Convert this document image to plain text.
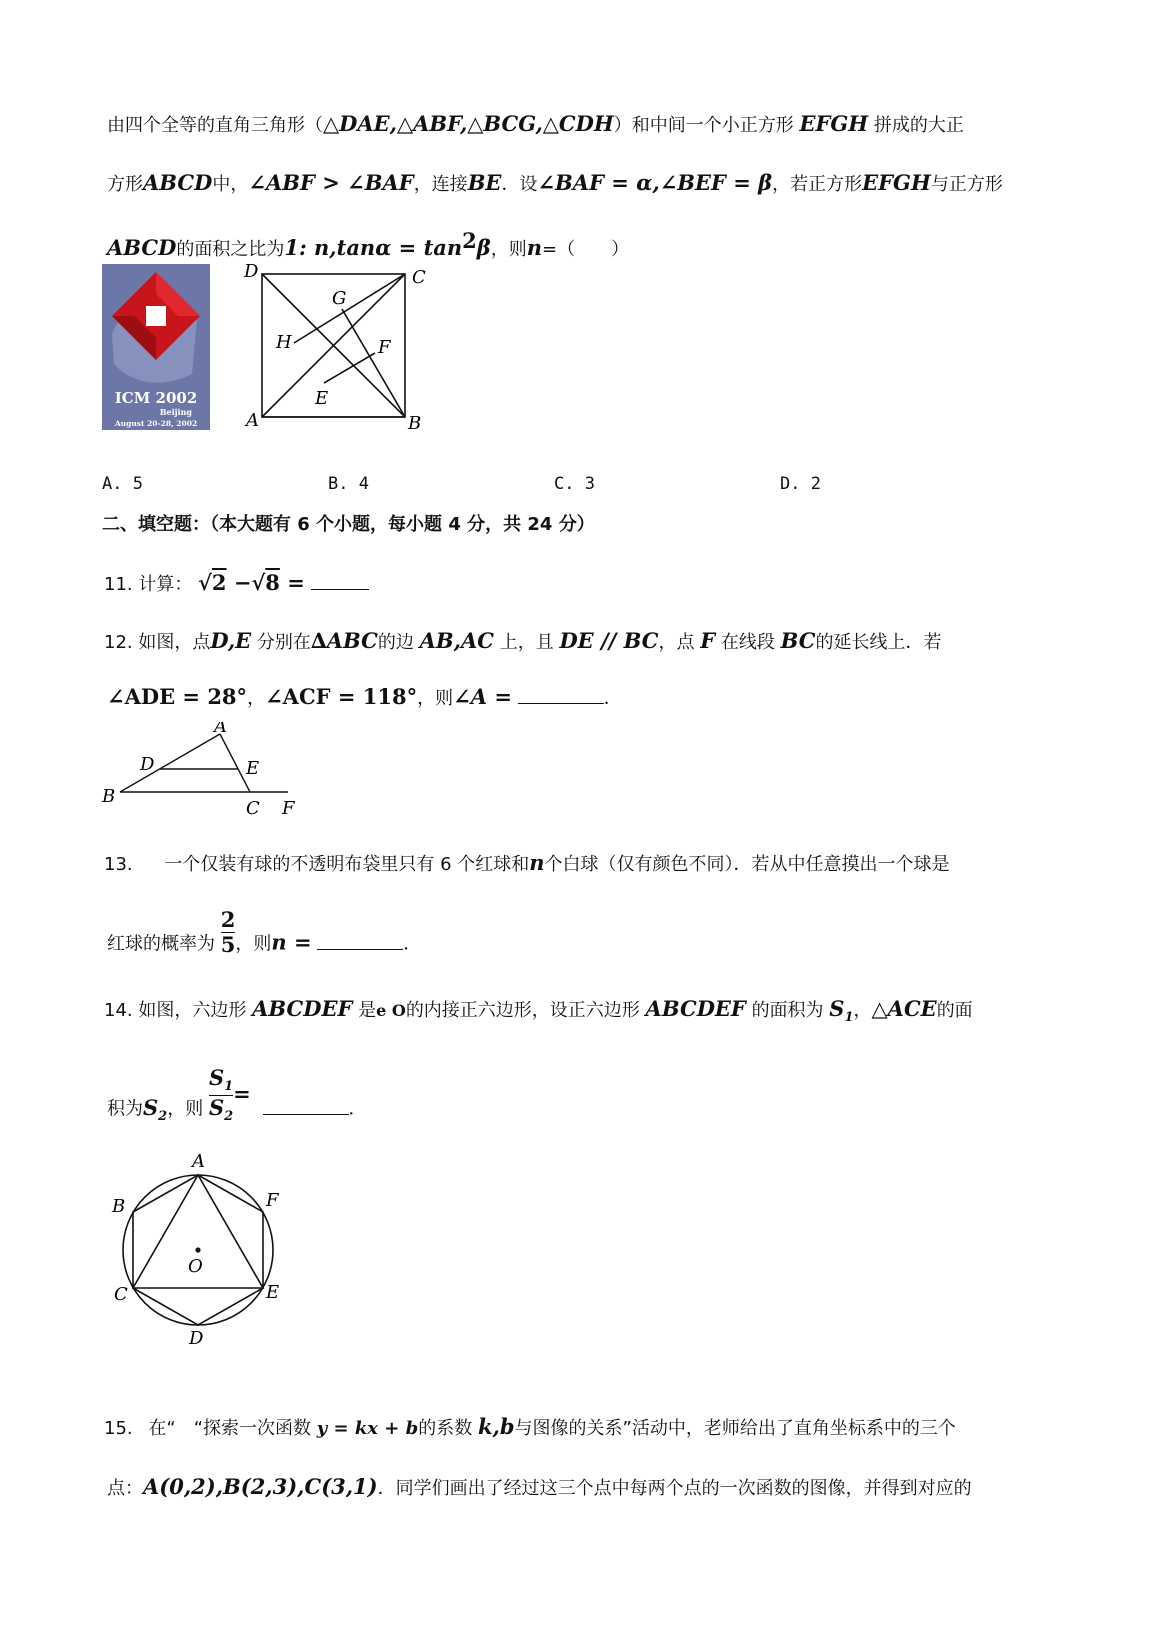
由四个全等的直角三角形（△DAE,△ABF,△BCG,△CDH）和中间一个小正方形 EFGH 拼成的大正
方形ABCD中，∠ABF > ∠BAF，连接BE．设∠BAF = α,∠BEF = β，若正方形EFGH与正方形
ABCD的面积之比为1: $n,\tan\alpha = \tan^2\beta$，则n=（　　）
ICM 2002
Beijing
August 20-28, 2002
D	C
A	B
G
H	F
E
A. 5	B. 4	C. 3	D. 2
二、填空题：（本大题有 6 个小题，每小题 4 分，共 24 分）
11. 计算： √2 −√8 =
12. 如图，点D,E 分别在∆ABC的边 AB,AC 上，且 DE // BC，点 F 在线段 BC的延长线上．若
∠ADE = 28°，∠ACF = 118°，则∠A =	．
A
D	E
B
C F
13. 一个仅装有球的不透明布袋里只有 6 个红球和n个白球（仅有颜色不同）．若从中任意摸出一个球是
红球的概率为 $\frac{2}{5}$ ，则n =	．
14. 如图，六边形 ABCDEF 是e O的内接正六边形，设正六边形 ABCDEF 的面积为 $S_1$，△ACE的面
积为$S_2$，则 $\frac{S_1}{S_2}$ = ．
A
B	F
O
C	E
D
15. 在“　“探索一次函数 y = kx + b的系数 k,b与图像的关系”活动中，老师给出了直角坐标系中的三个
点：A(0,2),B(2,3),C(3,1)．同学们画出了经过这三个点中每两个点的一次函数的图像，并得到对应的
